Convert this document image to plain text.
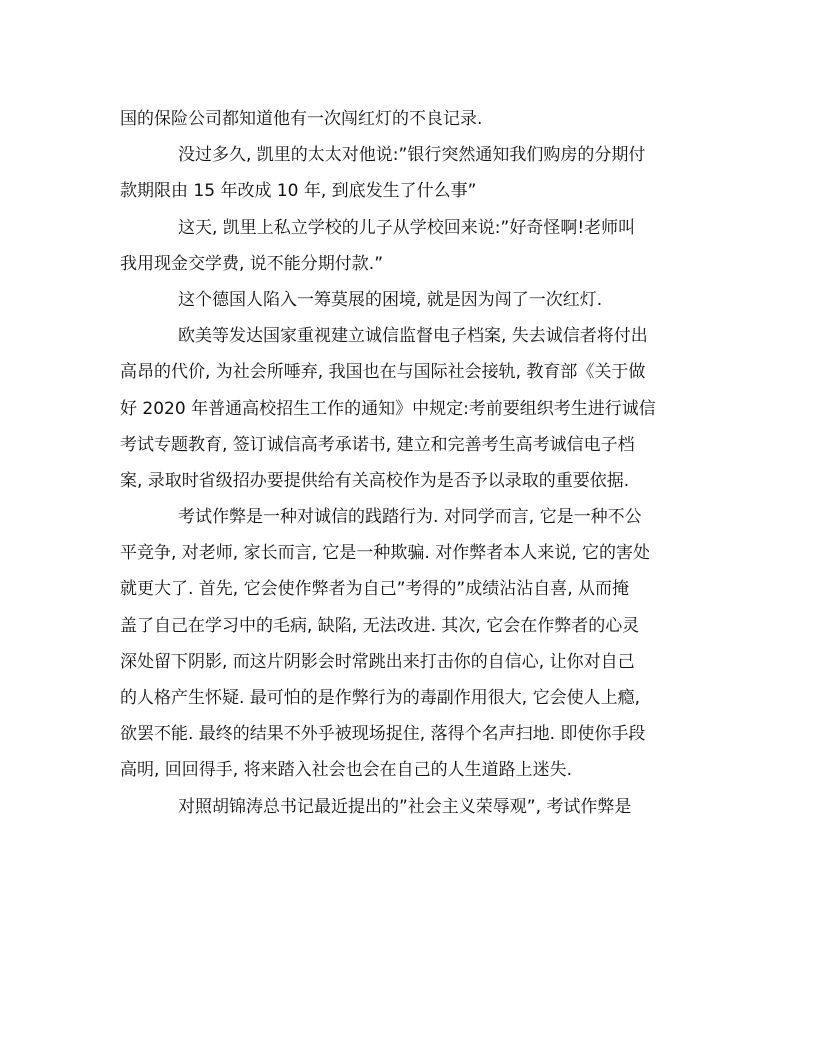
国的保险公司都知道他有一次闯红灯的不良记录.
没过多久, 凯里的太太对他说:”银行突然通知我们购房的分期付
款期限由 15 年改成 10 年, 到底发生了什么事”
这天, 凯里上私立学校的儿子从学校回来说:”好奇怪啊!老师叫
我用现金交学费, 说不能分期付款.”
这个德国人陷入一筹莫展的困境, 就是因为闯了一次红灯.
欧美等发达国家重视建立诚信监督电子档案, 失去诚信者将付出
高昂的代价, 为社会所唾弃, 我国也在与国际社会接轨, 教育部《关于做
好 2020 年普通高校招生工作的通知》中规定:考前要组织考生进行诚信
考试专题教育, 签订诚信高考承诺书, 建立和完善考生高考诚信电子档
案, 录取时省级招办要提供给有关高校作为是否予以录取的重要依据.
考试作弊是一种对诚信的践踏行为. 对同学而言, 它是一种不公
平竞争, 对老师, 家长而言, 它是一种欺骗. 对作弊者本人来说, 它的害处
就更大了. 首先, 它会使作弊者为自己”考得的”成绩沾沾自喜, 从而掩
盖了自己在学习中的毛病, 缺陷, 无法改进. 其次, 它会在作弊者的心灵
深处留下阴影, 而这片阴影会时常跳出来打击你的自信心, 让你对自己
的人格产生怀疑. 最可怕的是作弊行为的毒副作用很大, 它会使人上瘾,
欲罢不能. 最终的结果不外乎被现场捉住, 落得个名声扫地. 即使你手段
高明, 回回得手, 将来踏入社会也会在自己的人生道路上迷失.
对照胡锦涛总书记最近提出的”社会主义荣辱观”, 考试作弊是
